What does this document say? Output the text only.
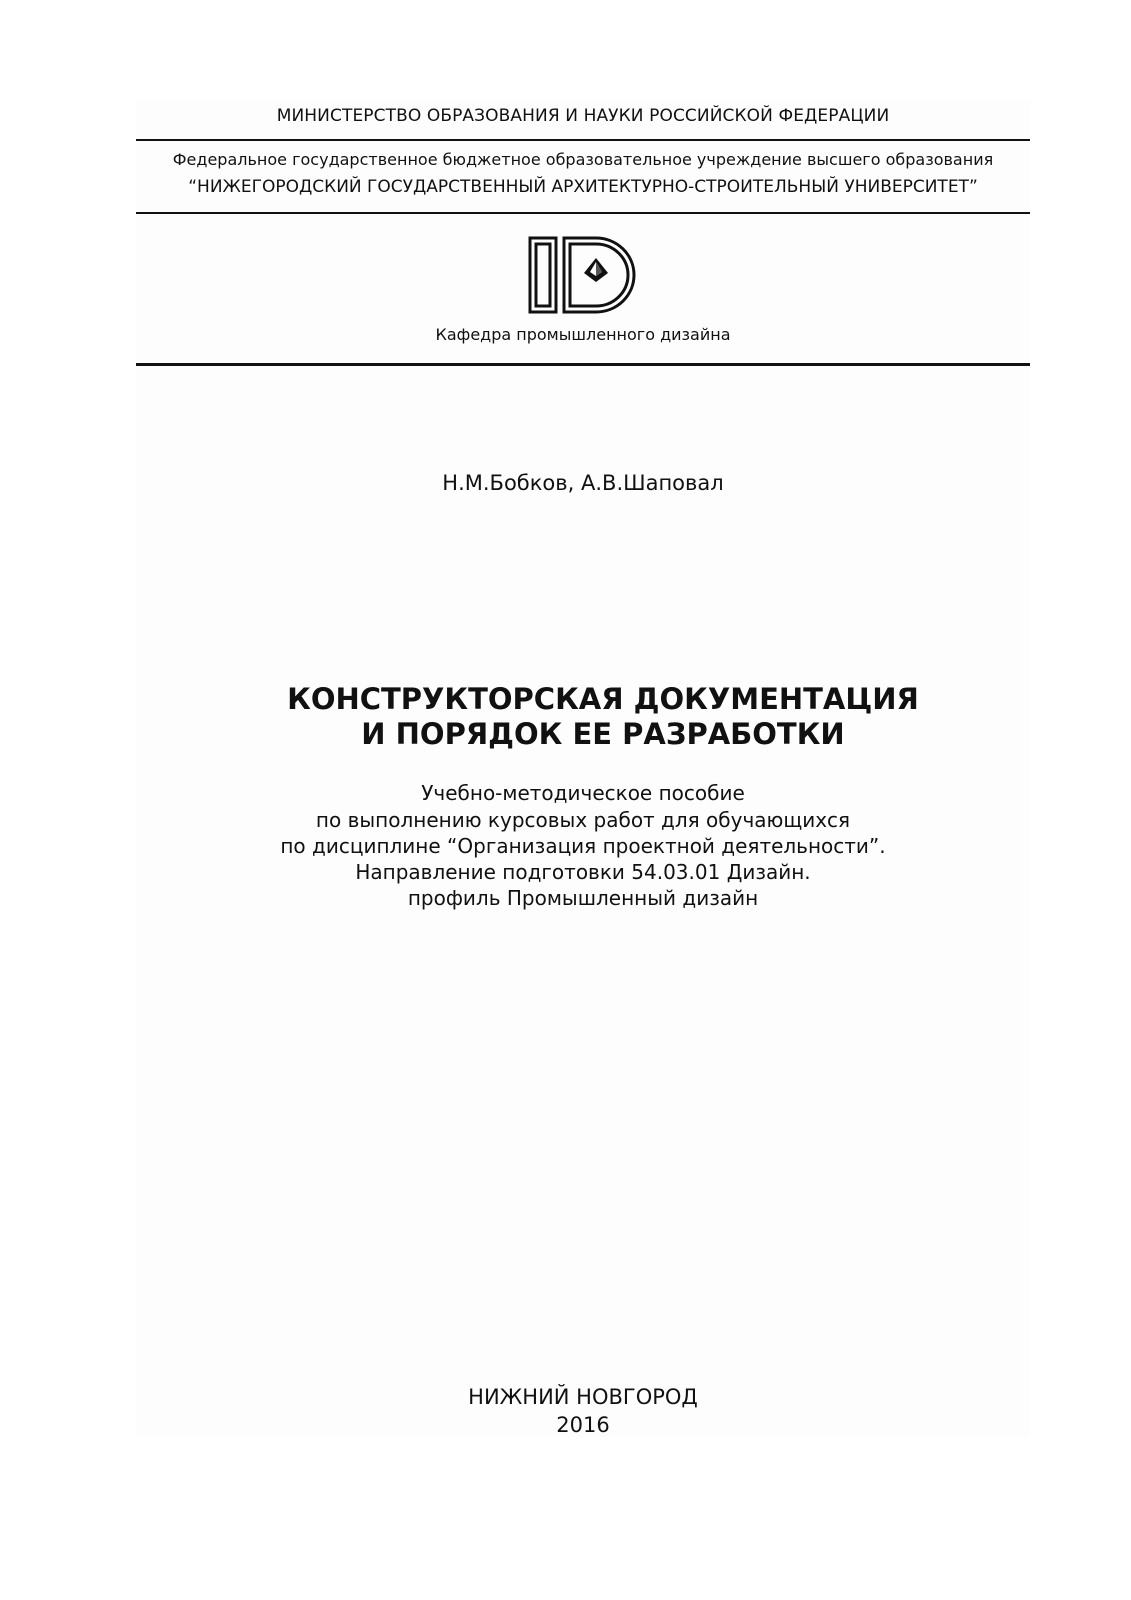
МИНИСТЕРСТВО ОБРАЗОВАНИЯ И НАУКИ РОССИЙСКОЙ ФЕДЕРАЦИИ
Федеральное государственное бюджетное образовательное учреждение высшего образования
“НИЖЕГОРОДСКИЙ ГОСУДАРСТВЕННЫЙ АРХИТЕКТУРНО-СТРОИТЕЛЬНЫЙ УНИВЕРСИТЕТ”
Кафедра промышленного дизайна
Н.М.Бобков, А.В.Шаповал
КОНСТРУКТОРСКАЯ ДОКУМЕНТАЦИЯ
И ПОРЯДОК ЕЕ РАЗРАБОТКИ
Учебно-методическое пособие
по выполнению курсовых работ для обучающихся
по дисциплине “Организация проектной деятельности”.
Направление подготовки 54.03.01 Дизайн.
профиль Промышленный дизайн
НИЖНИЙ НОВГОРОД
2016
